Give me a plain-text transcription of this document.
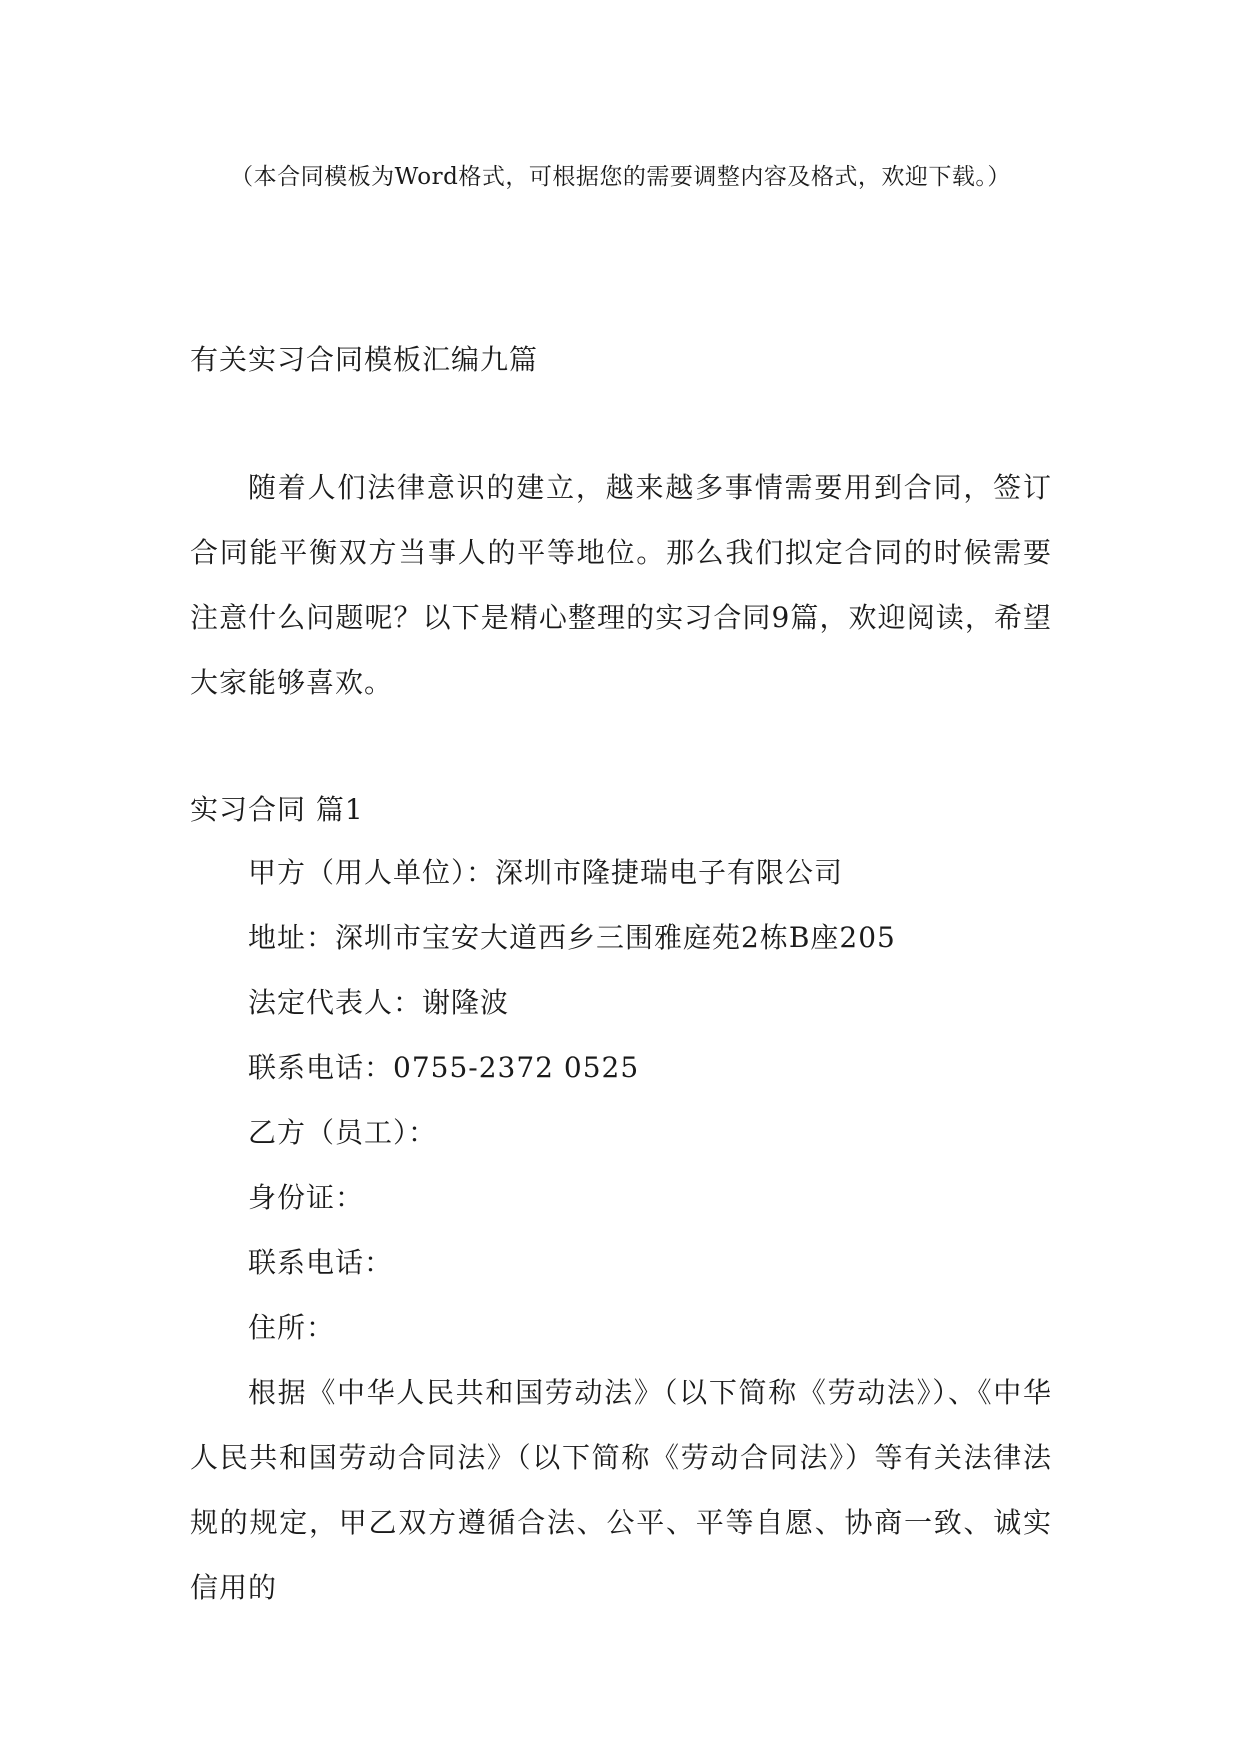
（本合同模板为Word格式，可根据您的需要调整内容及格式，欢迎下载。）
有关实习合同模板汇编九篇

随着人们法律意识的建立，越来越多事情需要用到合同，签订合同能平衡双方当事人的平等地位。那么我们拟定合同的时候需要注意什么问题呢？以下是精心整理的实习合同9篇，欢迎阅读，希望大家能够喜欢。

实习合同 篇1
甲方（用人单位）：深圳市隆捷瑞电子有限公司
地址：深圳市宝安大道西乡三围雅庭苑2栋B座205
法定代表人：谢隆波
联系电话：0755-2372 0525
乙方（员工）：
身份证：
联系电话：
住所：

根据《中华人民共和国劳动法》（以下简称《劳动法》）、《中华人民共和国劳动合同法》（以下简称《劳动合同法》）等有关法律法规的规定，甲乙双方遵循合法、公平、平等自愿、协商一致、诚实信用的
